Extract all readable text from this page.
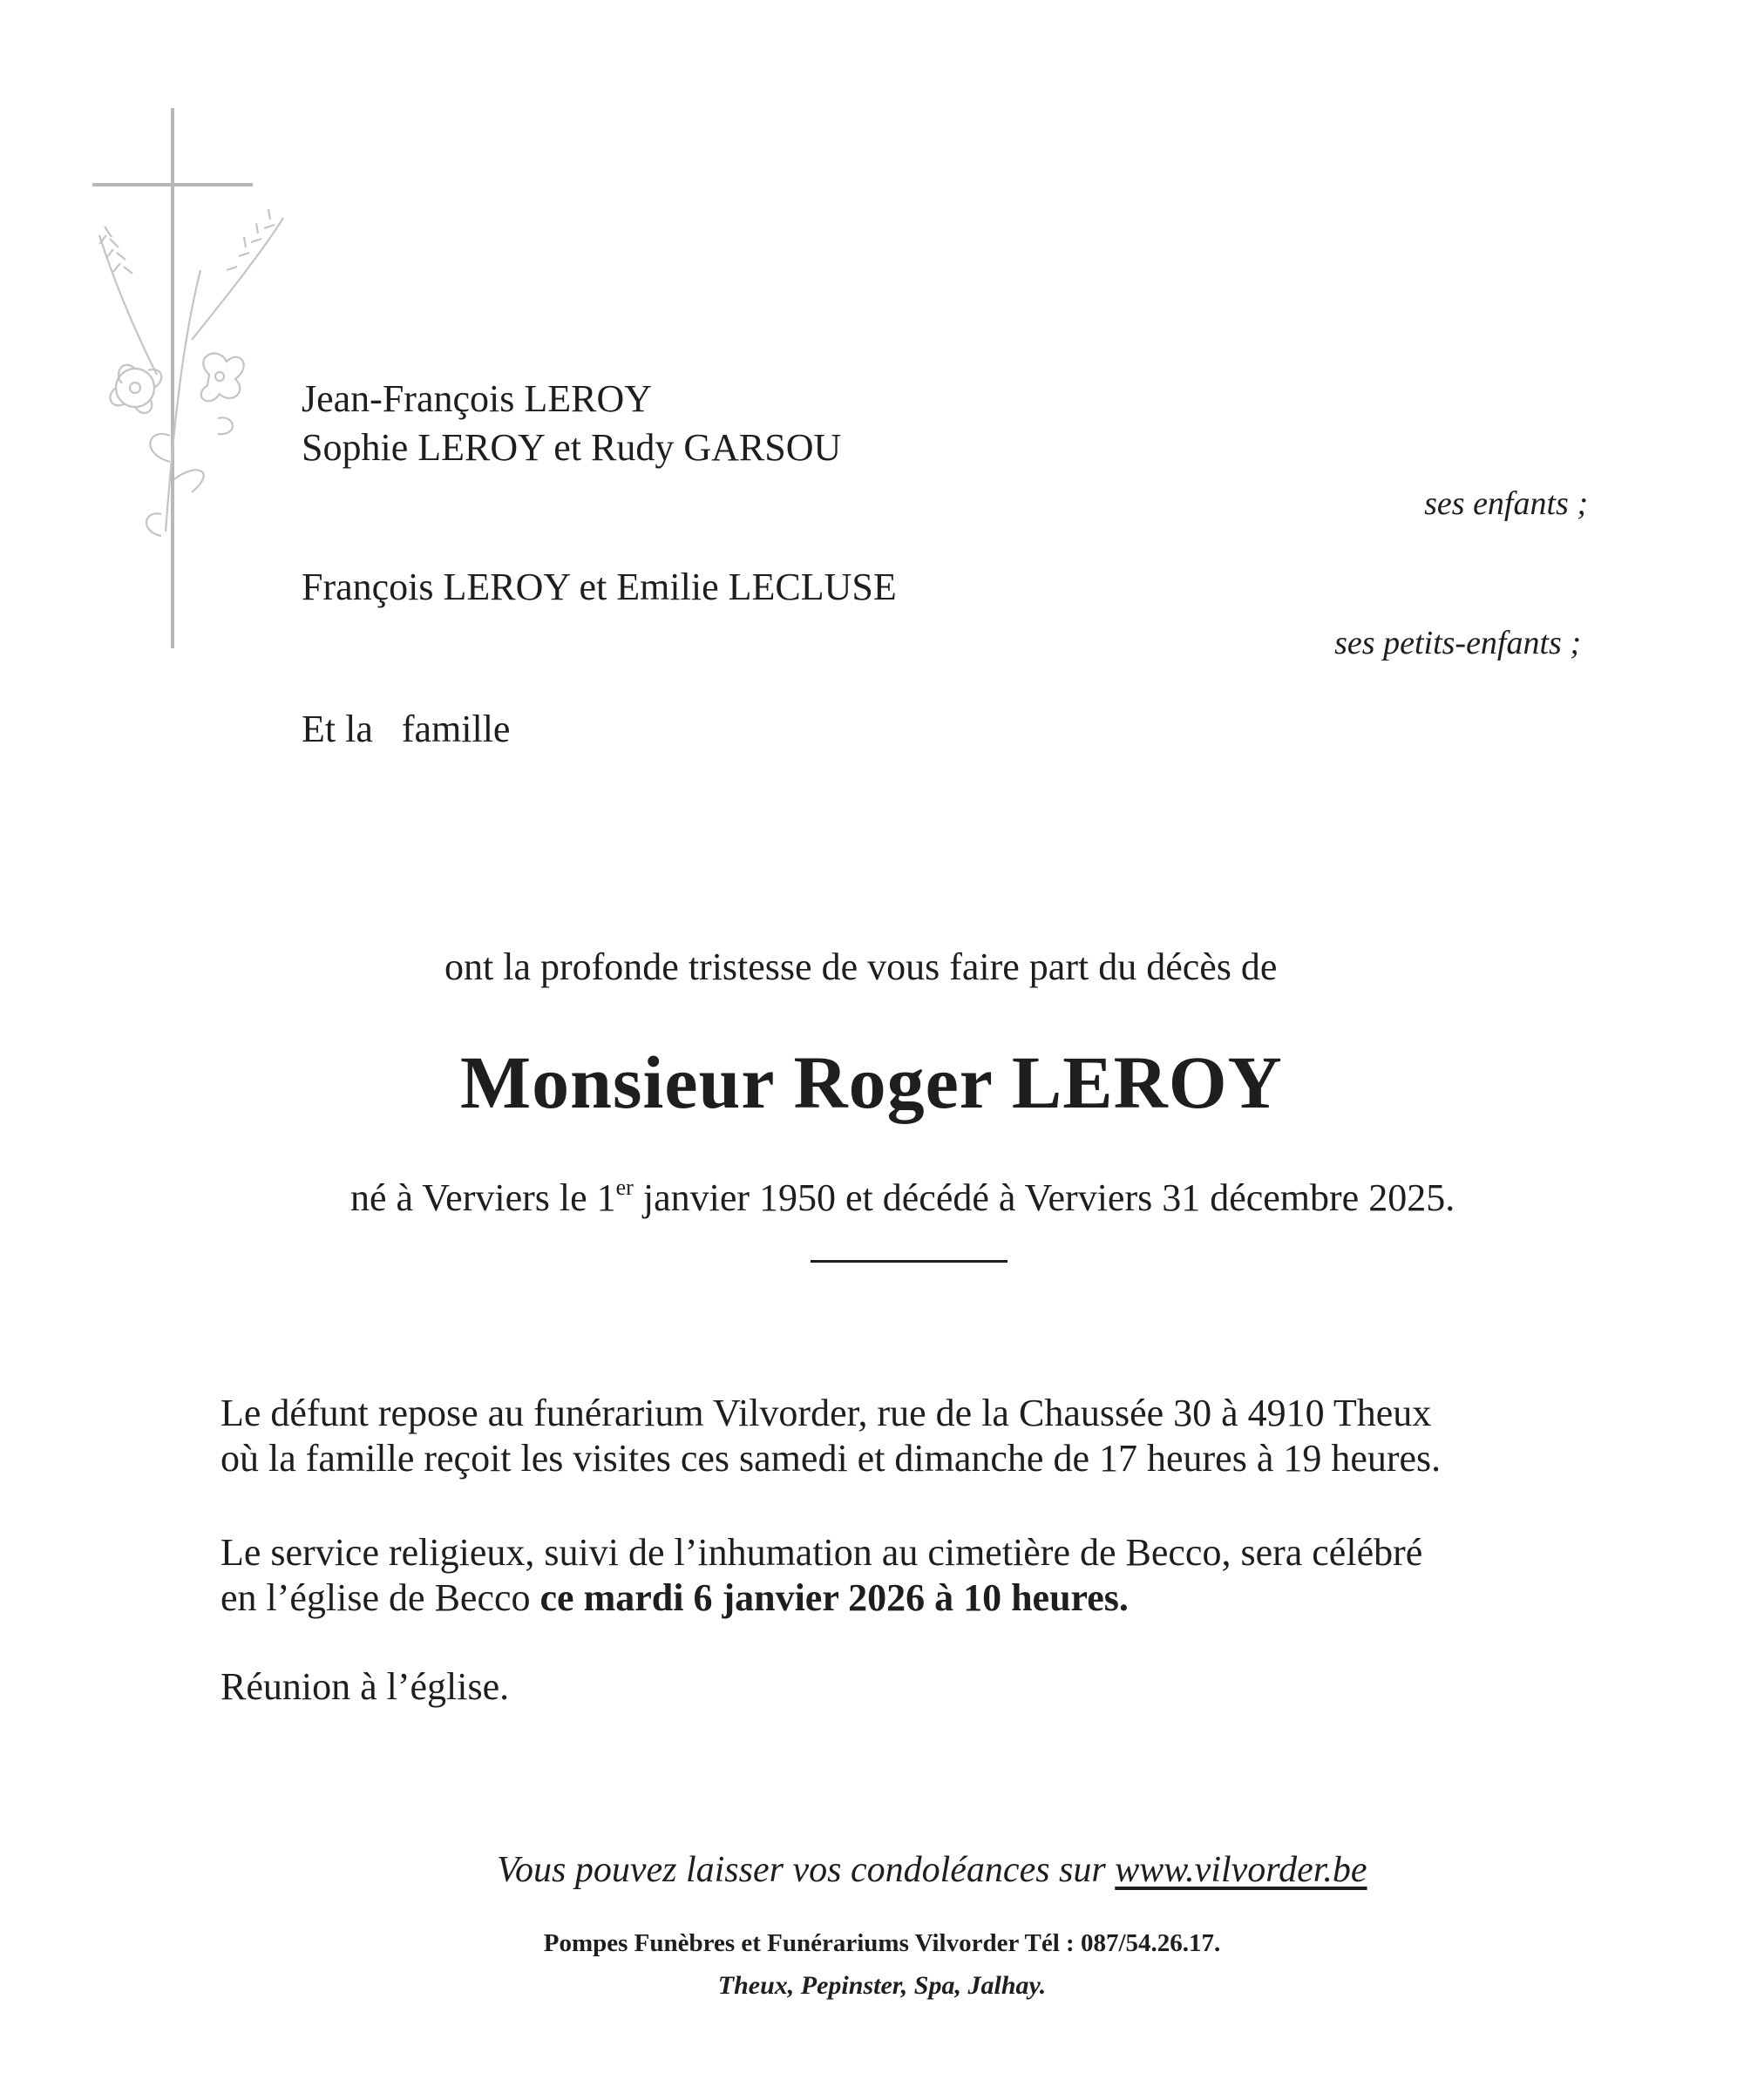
Jean-François LEROY
Sophie LEROY et Rudy GARSOU
ses enfants ;
François LEROY et Emilie LECLUSE
ses petits-enfants ;
Et la   famille
ont la profonde tristesse de vous faire part du décès de
Monsieur Roger LEROY
né à Verviers le 1er janvier 1950 et décédé à Verviers 31 décembre 2025.
Le défunt repose au funérarium Vilvorder, rue de la Chaussée 30 à 4910 Theux
où la famille reçoit les visites ces samedi et dimanche de 17 heures à 19 heures.
Le service religieux, suivi de l’inhumation au cimetière de Becco, sera célébré
en l’église de Becco ce mardi 6 janvier 2026 à 10 heures.
Réunion à l’église.
Vous pouvez laisser vos condoléances sur www.vilvorder.be
Pompes Funèbres et Funérariums Vilvorder Tél : 087/54.26.17.
Theux, Pepinster, Spa, Jalhay.
